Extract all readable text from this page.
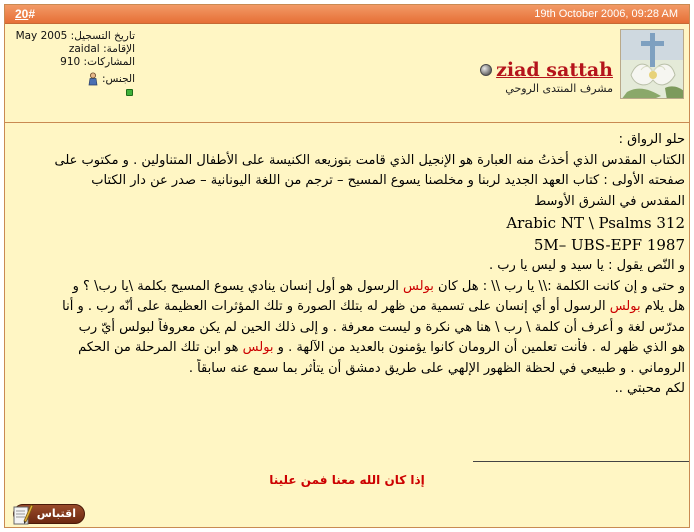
20#	19th October 2006, 09:28 AM
ziad sattah
مشرف المنتدى الروحي
تاريخ التسجيل: May 2005
الإقامة: zaidal
المشاركات: 910
الجنس:
حلو الرواق :
الكتاب المقدس الذي أخذتُ منه العبارة هو الإنجيل الذي قامت بتوزيعه الكنيسة على الأطفال المتناولين . و مكتوب على
صفحته الأولى : كتاب العهد الجديد لربنا و مخلصنا يسوع المسيح – ترجم من اللغة اليونانية – صدر عن دار الكتاب
المقدس في الشرق الأوسط
Arabic NT \ Psalms 312
5M– UBS-EPF 1987
و النّص يقول : يا سيد و ليس يا رب .
و حتى و إن كانت الكلمة :\\ يا رب \\ : هل كان بولس الرسول هو أول إنسان ينادي يسوع المسيح بكلمة \يا رب\ ؟ و
هل يلام بولس الرسول أو أي إنسان على تسمية من ظهر له بتلك الصورة و تلك المؤثرات العظيمة على أنّه رب . و أنا
مدرّس لغة و أعرف أن كلمة \ رب \ هنا هي نكرة و ليست معرفة . و إلى ذلك الحين لم يكن معروفاً لبولس أيّ رب
هو الذي ظهر له . فأنت تعلمين أن الرومان كانوا يؤمنون بالعديد من الآلهة . و بولس هو ابن تلك المرحلة من الحكم
الروماني . و طبيعي في لحظة الظهور الإلهي على طريق دمشق أن يتأثر بما سمع عنه سابقاً .
لكم محبتي ..
إذا كان الله معنا فمن علينا
اقتباس
